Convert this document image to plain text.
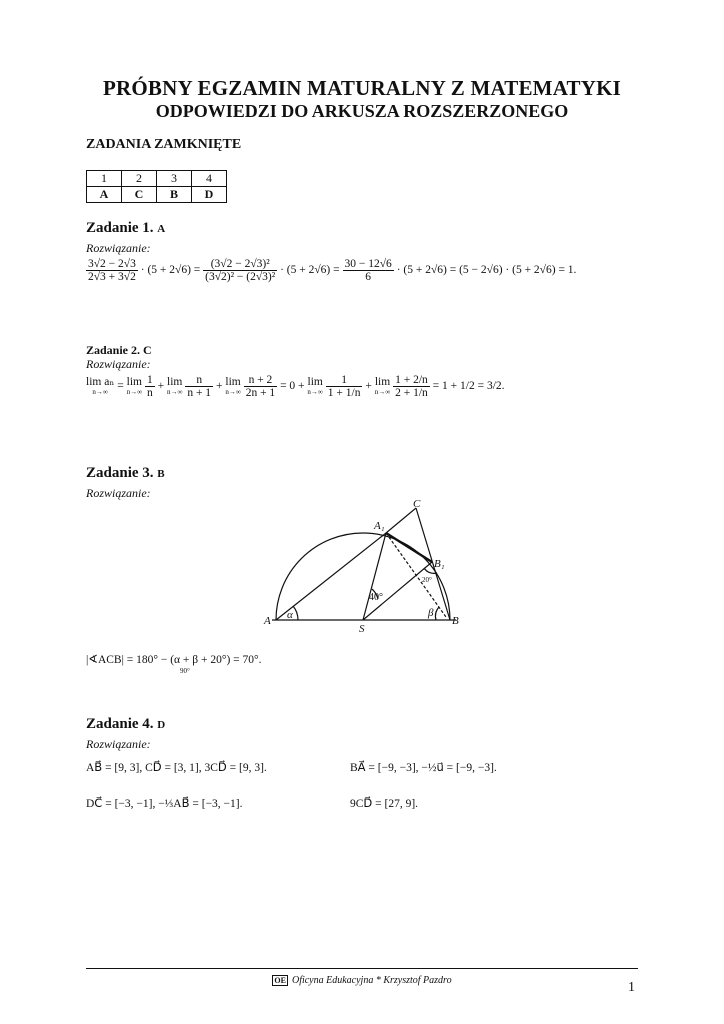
PRÓBNY EGZAMIN MATURALNY Z MATEMATYKI
ODPOWIEDZI DO ARKUSZA ROZSZERZONEGO
ZADANIA ZAMKNIĘTE
1	2	3	4
A	C	B	D
Zadanie 1. A
Rozwiązanie:
$\frac{3√2 - 2√3}{2√3 + 3√2} \cdot (5 + 2√6) = \frac{\text{(3√2 − 2√3)²}}{\text{(3√2)² − (2√3)²}} \cdot (5 + 2√6) = \frac{30 - 12√6}{6} \cdot (5 + 2√6) = (5 - 2√6) \cdot (5 + 2√6) = 1$.
Zadanie 2. C
Rozwiązanie:
lim aₙ
n→∞ = lim
n→∞
$\frac{1}{n} + \lim$
n→∞
$\frac{n}{n + 1} + \lim$
n→∞
$\frac{n + 2}{2n + 1} = 0 + \lim$
n→∞
$\frac{1}{1 + 1/n} + \lim$
n→∞
$\frac{1 + 2/n}{2 + 1/n} = 1 + 1/2 = 3/2$.
Zadanie 3. B
Rozwiązanie:
A	B
C
S
A₁
B₁
α	β
40°
20°
|∢ACB| = 180° − (α + β + 20°) = 70°.
90°
Zadanie 4. D
Rozwiązanie:
AB⃗ = [9, 3], CD⃗ = [3, 1], 3CD⃗ = [9, 3].	BA⃗ = [−9, −3], −½u⃗ = [−9, −3].
DC⃗ = [−3, −1], −⅓AB⃗ = [−3, −1].	9CD⃗ = [27, 9].
OE Oficyna Edukacyjna * Krzysztof Pazdro	1
